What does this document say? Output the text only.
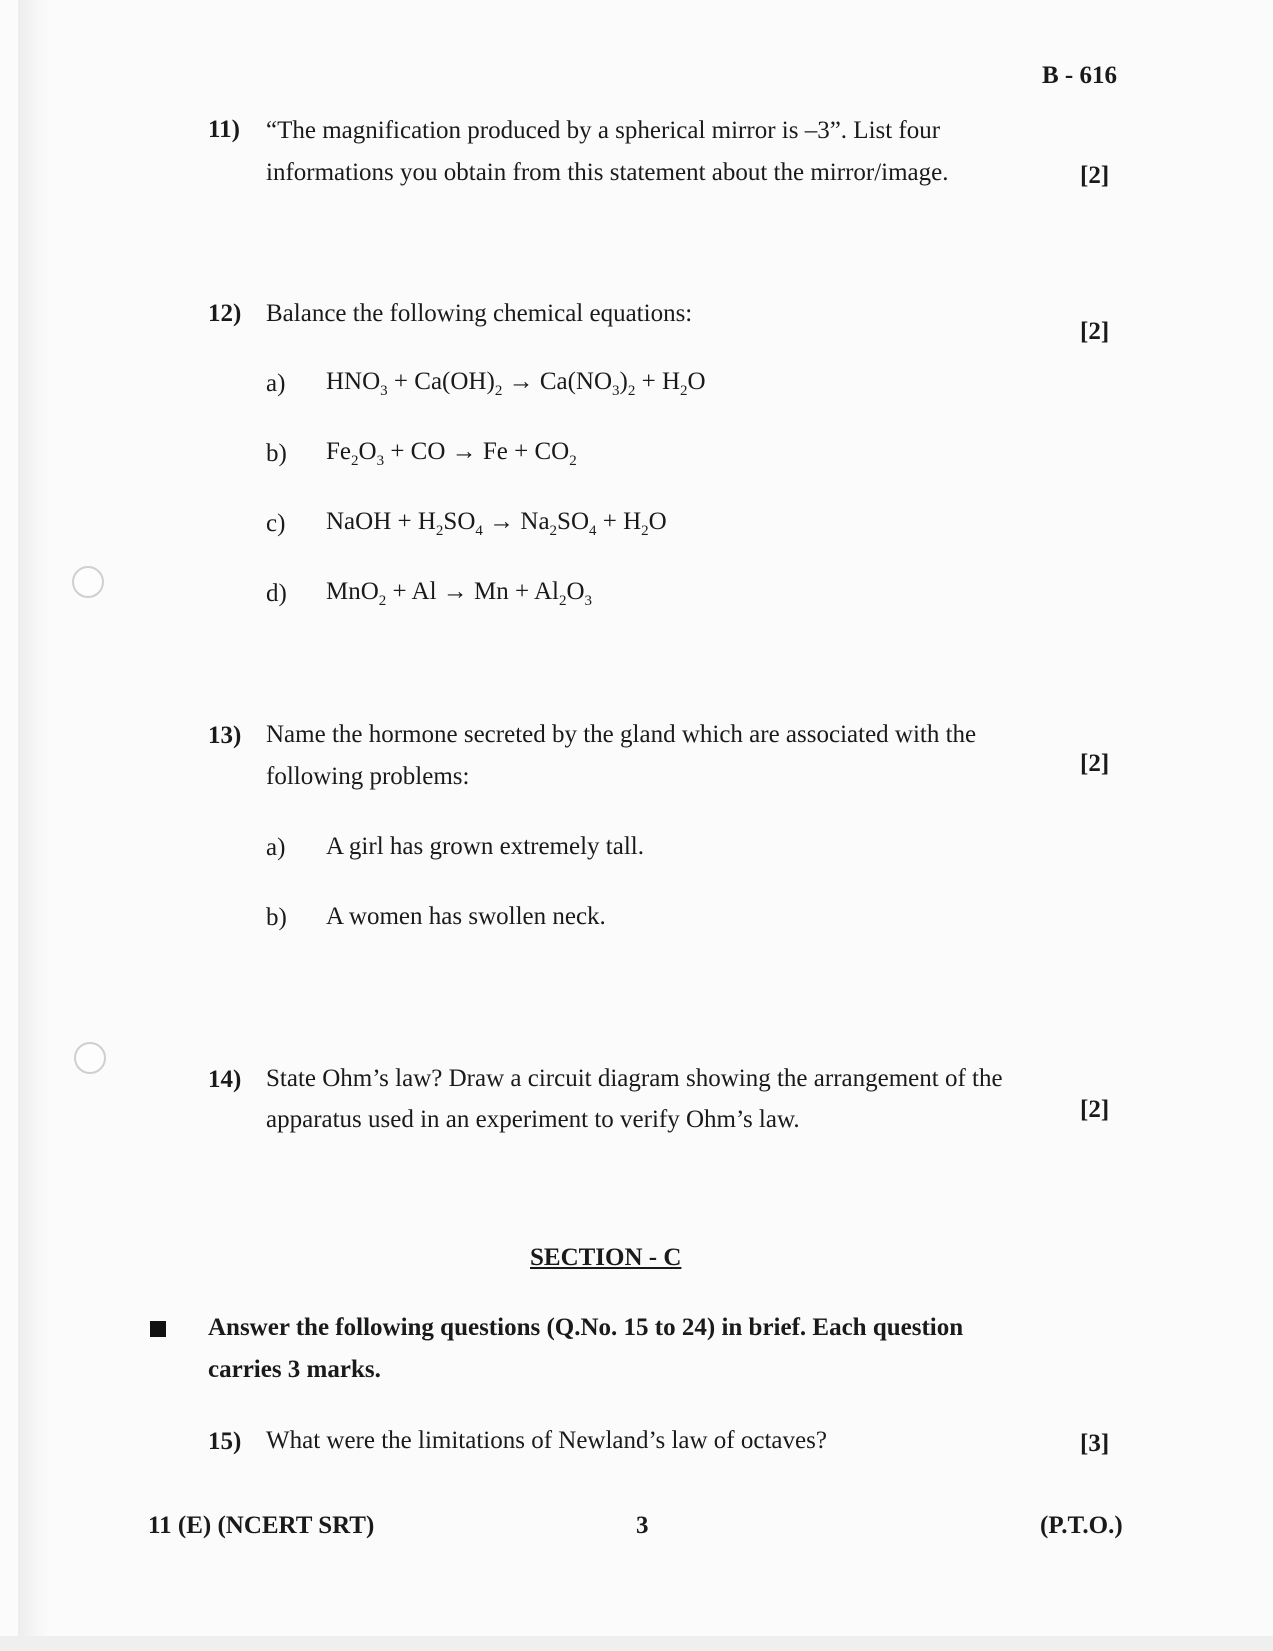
B - 616
11) “The magnification produced by a spherical mirror is –3”. List four
informations you obtain from this statement about the mirror/image.	[2]
12) Balance the following chemical equations:
[2]
a) $HNO_3 + Ca(OH)_2 \to Ca(NO_3)_2 + H_2O$
b) $Fe_2O_3$ + CO → $Fe + CO_2$
c) NaOH + $H_2SO_4 \to Na_2SO_4 + H_2O$
d) $MnO_2 + Al \to Mn + Al_2O_3$
13) Name the hormone secreted by the gland which are associated with the
following problems:	[2]
a) A girl has grown extremely tall.
b) A women has swollen neck.
14) State Ohm’s law? Draw a circuit diagram showing the arrangement of the
apparatus used in an experiment to verify Ohm’s law.	[2]
SECTION - C
Answer the following questions (Q.No. 15 to 24) in brief. Each question
carries 3 marks.
15) What were the limitations of Newland’s law of octaves?	[3]
11 (E) (NCERT SRT)	3	(P.T.O.)
